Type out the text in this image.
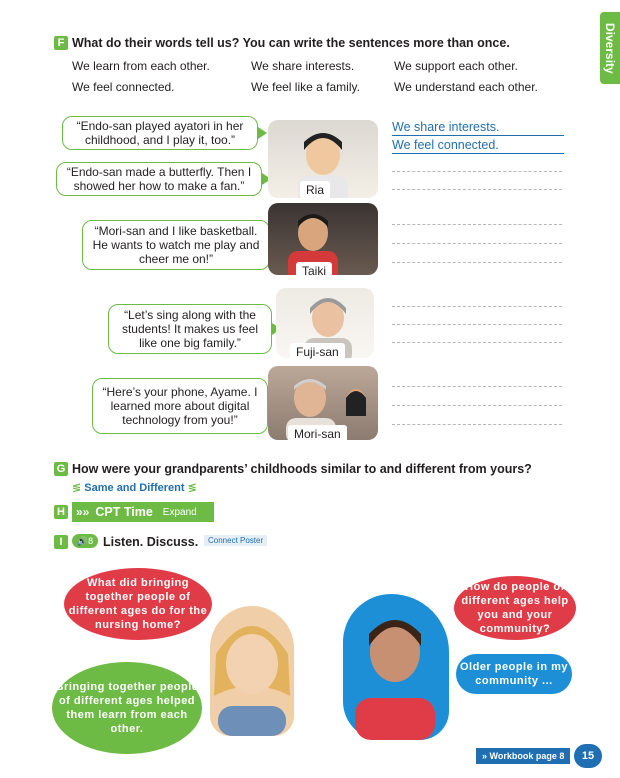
Diversity
F What do their words tell us? You can write the sentences more than once.
We learn from each other.	We share interests.	We support each other.
We feel connected.	We feel like a family.	We understand each other.
“Endo-san played ayatori in her childhood, and I play it, too.”
“Endo-san made a butterfly. Then I showed her how to make a fan.”	Ria
“Mori-san and I like basketball. He wants to watch me play and cheer me on!”
Taiki
“Let’s sing along with the students! It makes us feel like one big family.”
Fuji-san
“Here’s your phone, Ayame. I learned more about digital technology from you!”
Mori-san
We share interests.
We feel connected.
G How were your grandparents’ childhoods similar to and different from yours?
≶ Same and Different ≶
H »» CPT Time Expand
I	🔊 8 Listen. Discuss.	Connect Poster
What did bringing together people of different ages do for the nursing home?
Bringing together people of different ages helped them learn from each other.
How do people of different ages help you and your community?
Older people in my community ...
» Workbook page 8	15
